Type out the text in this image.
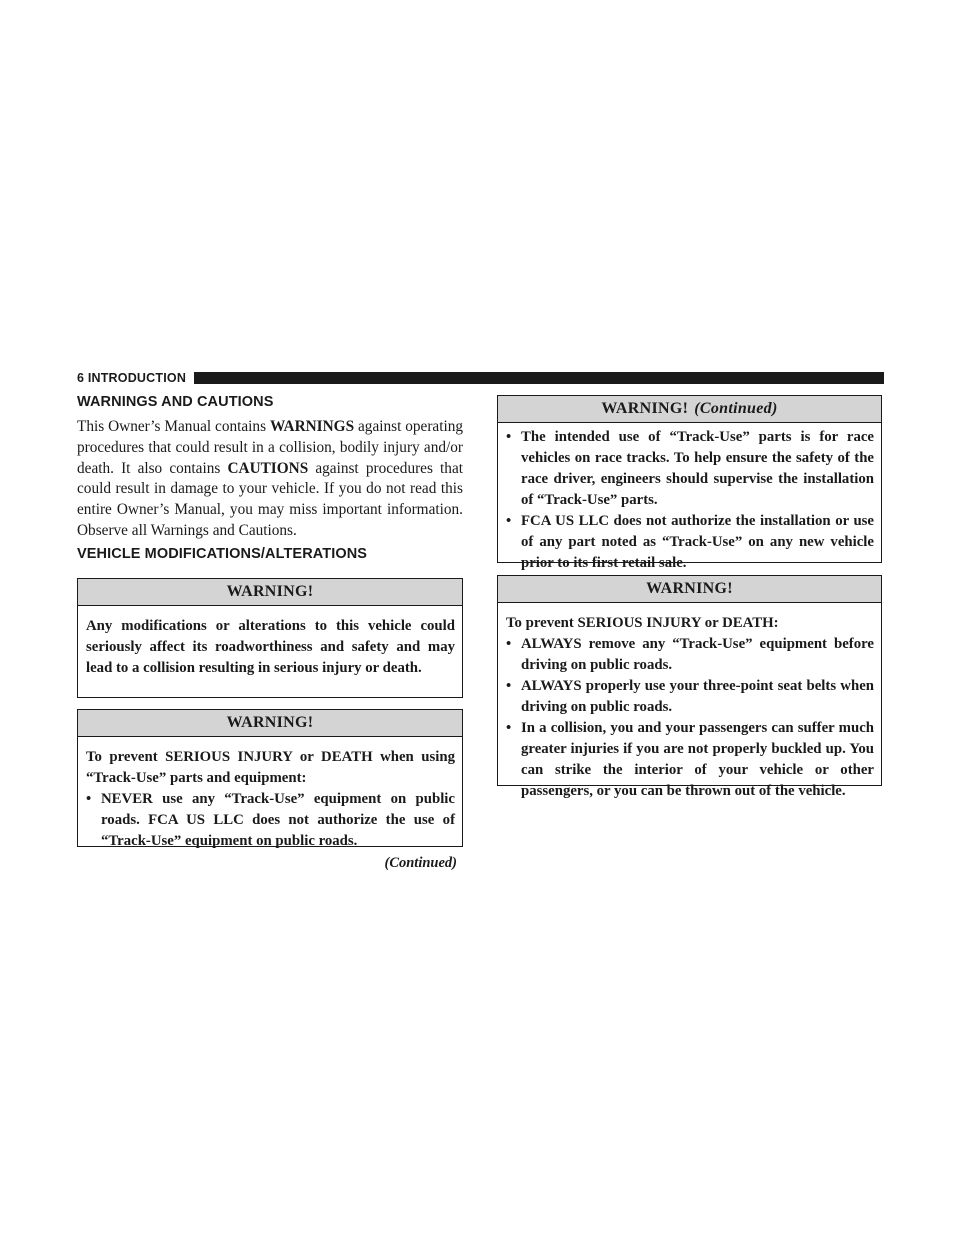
6 INTRODUCTION
WARNINGS AND CAUTIONS
This Owner’s Manual contains WARNINGS against operating procedures that could result in a collision, bodily injury and/or death. It also contains CAUTIONS against procedures that could result in damage to your vehicle. If you do not read this entire Owner’s Manual, you may miss important information. Observe all Warnings and Cautions.
VEHICLE MODIFICATIONS/ALTERATIONS
WARNING!

Any modifications or alterations to this vehicle could seriously affect its roadworthiness and safety and may lead to a collision resulting in serious injury or death.

WARNING!

To prevent SERIOUS INJURY or DEATH when using “Track-Use” parts and equipment:

• NEVER use any “Track-Use” equipment on public roads. FCA US LLC does not authorize the use of “Track-Use” equipment on public roads.
(Continued)
WARNING! (Continued)
• The intended use of “Track-Use” parts is for race vehicles on race tracks. To help ensure the safety of the race driver, engineers should supervise the installation of “Track-Use” parts.
• FCA US LLC does not authorize the installation or use of any part noted as “Track-Use” on any new vehicle prior to its first retail sale.
WARNING!

To prevent SERIOUS INJURY or DEATH:

• ALWAYS remove any “Track-Use” equipment before driving on public roads.
• ALWAYS properly use your three-point seat belts when driving on public roads.
• In a collision, you and your passengers can suffer much greater injuries if you are not properly buckled up. You can strike the interior of your vehicle or other passengers, or you can be thrown out of the vehicle.
